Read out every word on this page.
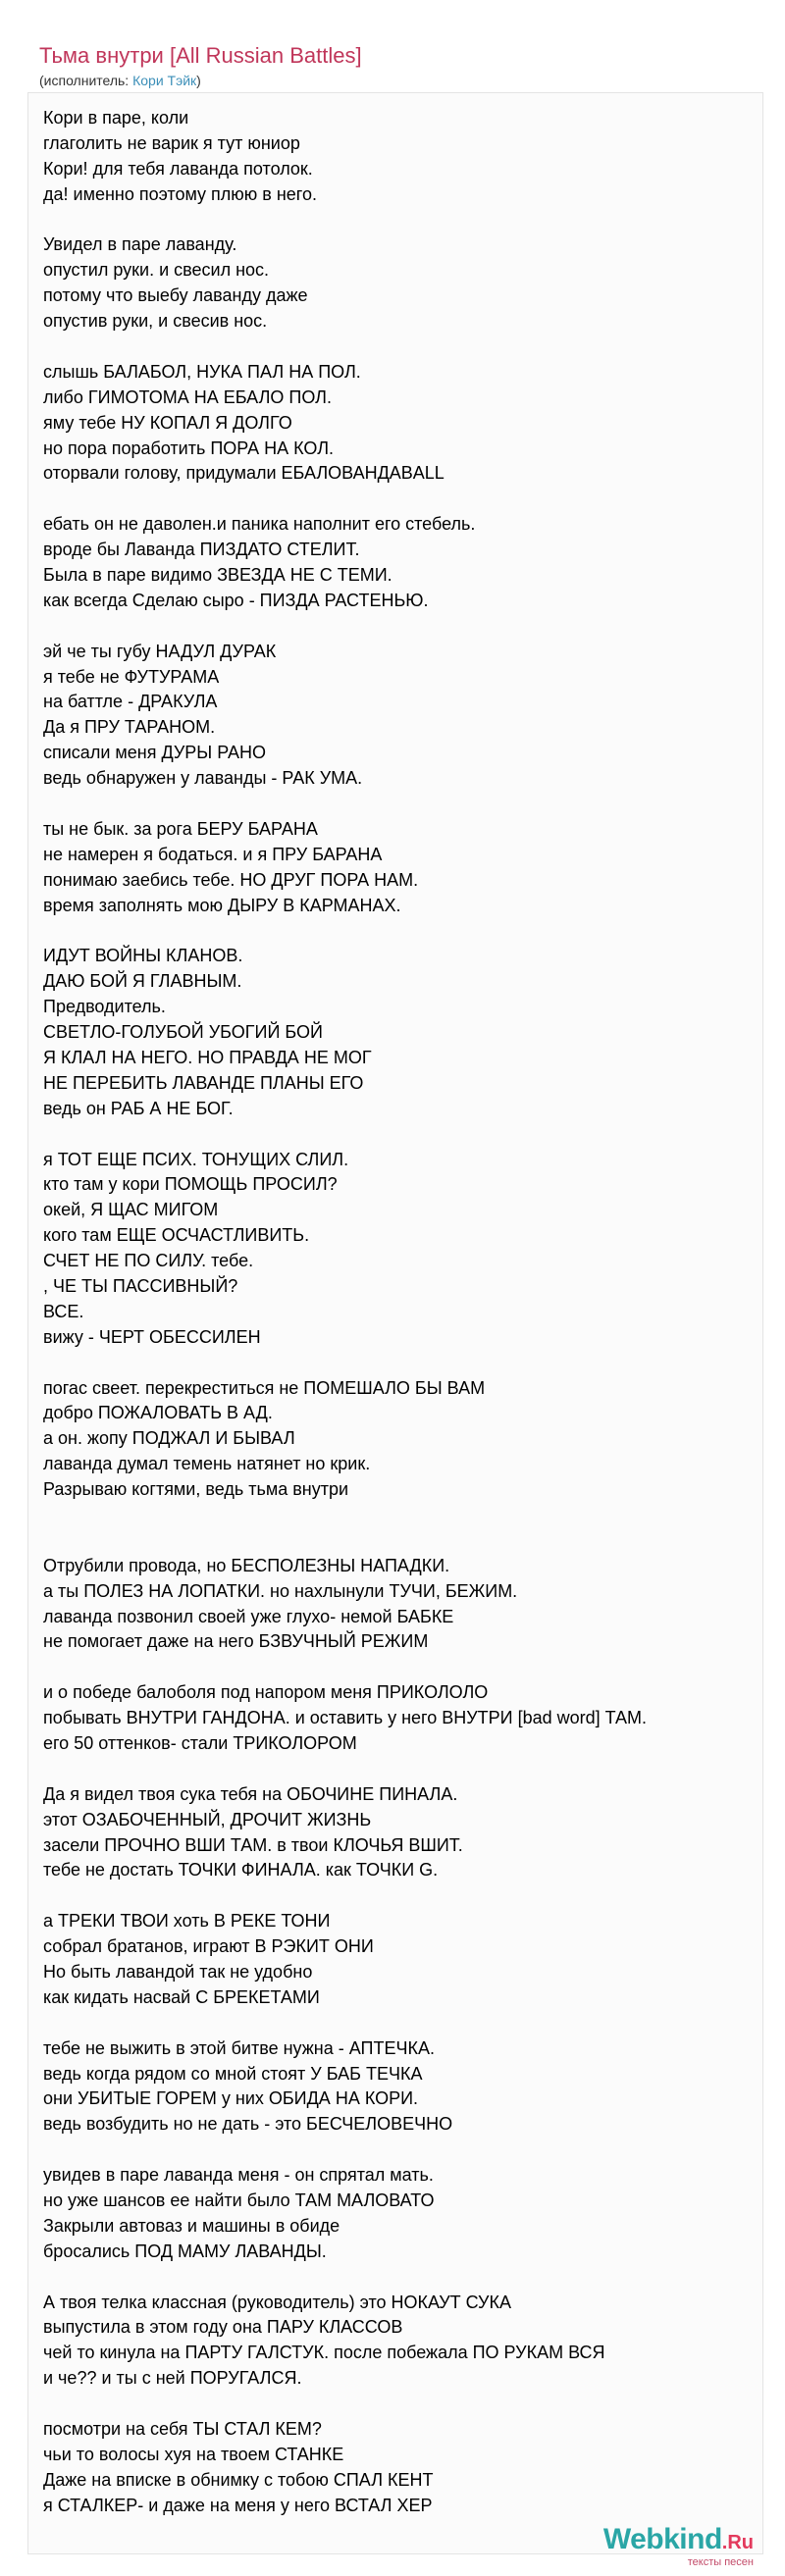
Тьма внутри [All Russian Battles]
(исполнитель: Кори Тэйк)
Кори в паре, коли
глаголить не варик я тут юниор
Кори! для тебя лаванда потолок.
да! именно поэтому плюю в него.
Увидел в паре лаванду.
опустил руки. и свесил нос.
потому что выебу лаванду даже
опустив руки, и свесив нос.
слышь БАЛАБОЛ, НУКА ПАЛ НА ПОЛ.
либо ГИМОТОМА НА ЕБАЛО ПОЛ.
яму тебе НУ КОПАЛ Я ДОЛГО
но пора поработить ПОРА НА КОЛ.
оторвали голову, придумали ЕБАЛОВАНДАBALL
ебать он не даволен.и паника наполнит его стебель.
вроде бы Лаванда ПИЗДАТО СТЕЛИТ.
Была в паре видимо ЗВЕЗДА НЕ С ТЕМИ.
как всегда Сделаю сыро - ПИЗДА РАСТЕНЬЮ.
эй че ты губу НАДУЛ ДУРАК
я тебе не ФУТУРАМА
на баттле - ДРАКУЛА
Да я ПРУ ТАРАНОМ.
списали меня ДУРЫ РАНО
ведь обнаружен у лаванды - РАК УМА.
ты не бык. за рога БЕРУ БАРАНА
не намерен я бодаться. и я ПРУ БАРАНА
понимаю заебись тебе. НО ДРУГ ПОРА НАМ.
время заполнять мою ДЫРУ В КАРМАНАХ.
ИДУТ ВОЙНЫ КЛАНОВ.
ДАЮ БОЙ Я ГЛАВНЫМ.
Предводитель.
СВЕТЛО-ГОЛУБОЙ УБОГИЙ БОЙ
Я КЛАЛ НА НЕГО. НО ПРАВДА НЕ МОГ
НЕ ПЕРЕБИТЬ ЛАВАНДЕ ПЛАНЫ ЕГО
ведь он РАБ А НЕ БОГ.
я ТОТ ЕЩЕ ПСИХ. ТОНУЩИХ СЛИЛ.
кто там у кори ПОМОЩЬ ПРОСИЛ?
окей, Я ЩАС МИГОМ
кого там ЕЩЕ ОСЧАСТЛИВИТЬ.
СЧЕТ НЕ ПО СИЛУ. тебе.
, ЧЕ ТЫ ПАССИВНЫЙ?
ВСЕ.
вижу - ЧЕРТ ОБЕССИЛЕН
погас свеет. перекреститься не ПОМЕШАЛО БЫ ВАМ
добро ПОЖАЛОВАТЬ В АД.
а он. жопу ПОДЖАЛ И БЫВАЛ
лаванда думал темень натянет но крик.
Разрываю когтями, ведь тьма внутри
Отрубили провода, но БЕСПОЛЕЗНЫ НАПАДКИ.
а ты ПОЛЕЗ НА ЛОПАТКИ. но нахлынули ТУЧИ, БЕЖИМ.
лаванда позвонил своей уже глухо- немой БАБКЕ
не помогает даже на него БЗВУЧНЫЙ РЕЖИМ
и о победе балоболя под напором меня ПРИКОЛОЛО
побывать ВНУТРИ ГАНДОНА. и оставить у него ВНУТРИ [bad word] ТАМ.
его 50 оттенков- стали ТРИКОЛОРОМ
Да я видел твоя сука тебя на ОБОЧИНЕ ПИНАЛА.
этот ОЗАБОЧЕННЫЙ, ДРОЧИТ ЖИЗНЬ
засели ПРОЧНО ВШИ ТАМ. в твои КЛОЧЬЯ ВШИТ.
тебе не достать ТОЧКИ ФИНАЛА. как ТОЧКИ G.
а ТРЕКИ ТВОИ хоть В РЕКЕ ТОНИ
собрал братанов, играют В РЭКИТ ОНИ
Но быть лавандой так не удобно
как кидать насвай С БРЕКЕТАМИ
тебе не выжить в этой битве нужна - АПТЕЧКА.
ведь когда рядом со мной стоят У БАБ ТЕЧКА
они УБИТЫЕ ГОРЕМ у них ОБИДА НА КОРИ.
ведь возбудить но не дать - это БЕСЧЕЛОВЕЧНО
увидев в паре лаванда меня - он спрятал мать.
но уже шансов ее найти было ТАМ МАЛОВАТО
Закрыли автоваз и машины в обиде
бросались ПОД МАМУ ЛАВАНДЫ.
А твоя телка классная (руководитель) это НОКАУТ СУКА
выпустила в этом году она ПАРУ КЛАССОВ
чей то кинула на ПАРТУ ГАЛСТУК. после побежала ПО РУКАМ ВСЯ
и че?? и ты с ней ПОРУГАЛСЯ.
посмотри на себя ТЫ СТАЛ КЕМ?
чьи то волосы хуя на твоем СТАНКЕ
Даже на вписке в обнимку с тобою СПАЛ КЕНТ
я СТАЛКЕР- и даже на меня у него ВСТАЛ ХЕР
Webkind.Ru
тексты песен
